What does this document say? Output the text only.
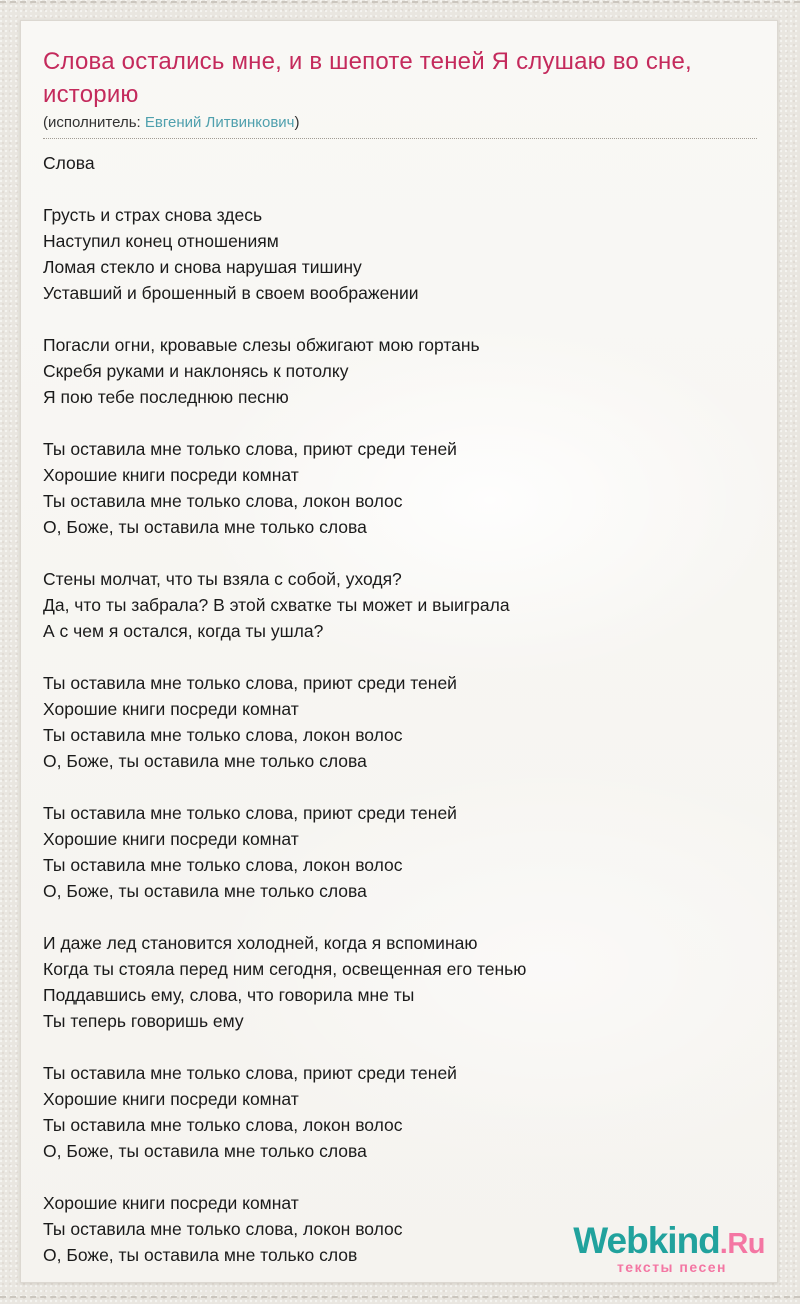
Слова остались мне, и в шепоте теней Я слушаю во сне, историю
(исполнитель: Евгений Литвинкович)
Слова

Грусть и страх снова здесь
Наступил конец отношениям
Ломая стекло и снова нарушая тишину
Уставший и брошенный в своем воображении

Погасли огни, кровавые слезы обжигают мою гортань
Скребя руками и наклонясь к потолку
Я пою тебе последнюю песню

Ты оставила мне только слова, приют среди теней
Хорошие книги посреди комнат
Ты оставила мне только слова, локон волос
О, Боже, ты оставила мне только слова

Стены молчат, что ты взяла с собой, уходя?
Да, что ты забрала? В этой схватке ты может и выиграла
А с чем я остался, когда ты ушла?

Ты оставила мне только слова, приют среди теней
Хорошие книги посреди комнат
Ты оставила мне только слова, локон волос
О, Боже, ты оставила мне только слова

Ты оставила мне только слова, приют среди теней
Хорошие книги посреди комнат
Ты оставила мне только слова, локон волос
О, Боже, ты оставила мне только слова

И даже лед становится холодней, когда я вспоминаю
Когда ты стояла перед ним сегодня, освещенная его тенью
Поддавшись ему, слова, что говорила мне ты
Ты теперь говоришь ему

Ты оставила мне только слова, приют среди теней
Хорошие книги посреди комнат
Ты оставила мне только слова, локон волос
О, Боже, ты оставила мне только слова

Хорошие книги посреди комнат
Ты оставила мне только слова, локон волос
О, Боже, ты оставила мне только слов	Webkind.Ru
тексты песен
